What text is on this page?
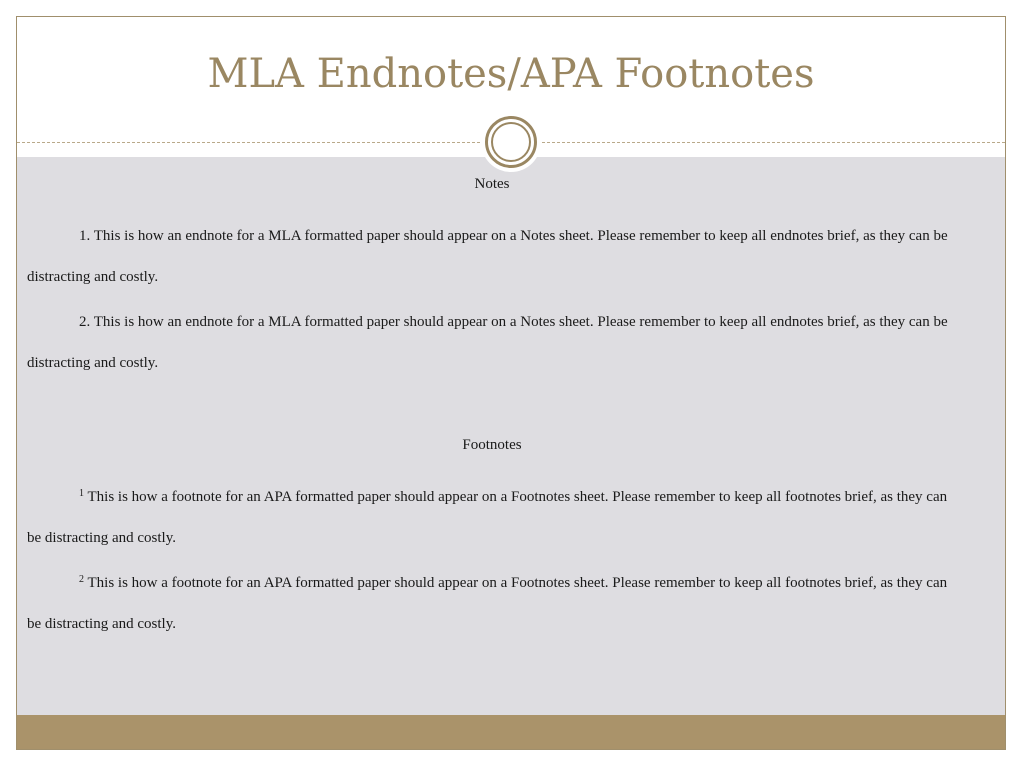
MLA Endnotes/APA Footnotes

Notes

1. This is how an endnote for a MLA formatted paper should appear on a Notes sheet. Please remember to keep all endnotes brief, as they can be distracting and costly.

2. This is how an endnote for a MLA formatted paper should appear on a Notes sheet. Please remember to keep all endnotes brief, as they can be distracting and costly.

Footnotes

$^1$ This is how a footnote for an APA formatted paper should appear on a Footnotes sheet. Please remember to keep all footnotes brief, as they can be distracting and costly.

$^2$ This is how a footnote for an APA formatted paper should appear on a Footnotes sheet. Please remember to keep all footnotes brief, as they can be distracting and costly.
